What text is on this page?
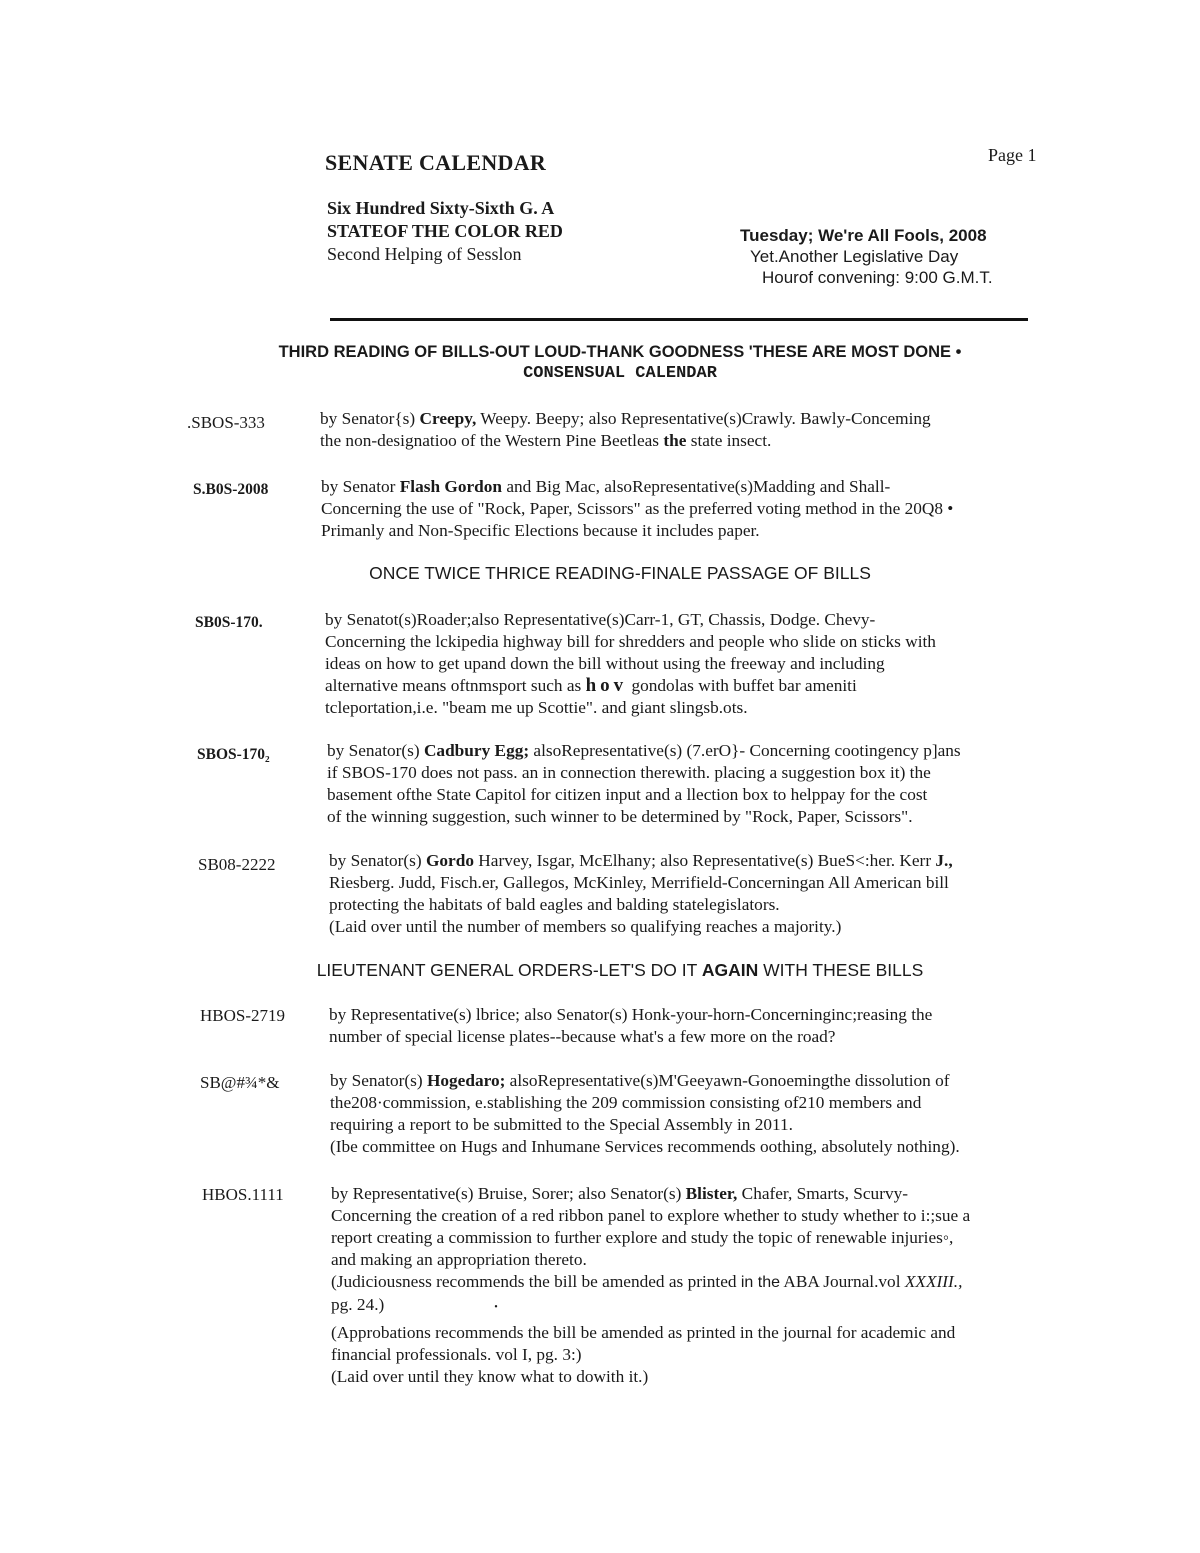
SENATE CALENDAR	Page 1
Six Hundred Sixty-Sixth G. A
STATEOF THE COLOR RED
Second Helping of Sesslon
Tuesday; We're All Fools, 2008
Yet.Another Legislative Day
Hourof convening: 9:00 G.M.T.
THIRD READING OF BILLS-OUT LOUD-THANK GOODNESS 'THESE ARE MOST DONE •
CONSENSUAL CALENDAR
.SBOS-333	by Senator{s) Creepy, Weepy. Beepy; also Representative(s)Crawly. Bawly-Conceming
the non-designatioo of the Western Pine Beetleas the state insect.
S.B0S-2008	by Senator Flash Gordon and Big Mac, alsoRepresentative(s)Madding and Shall-
Concerning the use of "Rock, Paper, Scissors" as the preferred voting method in the 20Q8 •
Primanly and Non-Specific Elections because it includes paper.
ONCE TWICE THRICE READING-FINALE PASSAGE OF BILLS
SB0S-170.	by Senatot(s)Roader;also Representative(s)Carr-1, GT, Chassis, Dodge. Chevy-
Concerning the lckipedia highway bill for shredders and people who slide on sticks with
ideas on how to get upand down the bill without using the freeway and including
alternative means oftnmsport such as hov gondolas with buffet bar ameniti
tcleportation,i.e. "beam me up Scottie". and giant slingsb.ots.
SBOS-170₂	by Senator(s) Cadbury Egg; alsoRepresentative(s) (7.erO}- Concerning cootingency p]ans
if SBOS-170 does not pass. an in connection therewith. placing a suggestion box it) the
basement ofthe State Capitol for citizen input and a llection box to helppay for the cost
of the winning suggestion, such winner to be determined by "Rock, Paper, Scissors".
SB08-2222	by Senator(s) Gordo Harvey, Isgar, McElhany; also Representative(s) BueS<:her. Kerr J.,
Riesberg. Judd, Fisch.er, Gallegos, McKinley, Merrifield-Concerningan All American bill
protecting the habitats of bald eagles and balding statelegislators.
(Laid over until the number of members so qualifying reaches a majority.)
LIEUTENANT GENERAL ORDERS-LET'S DO IT AGAIN WITH THESE BILLS
HBOS-2719	by Representative(s) lbrice; also Senator(s) Honk-your-horn-Concerninginc;reasing the
number of special license plates--because what's a few more on the road?
SB@#¾*&	by Senator(s) Hogedaro; alsoRepresentative(s)M'Geeyawn-Gonoemingthe dissolution of
the208·commission, e.stablishing the 209 commission consisting of210 members and
requiring a report to be submitted to the Special Assembly in 2011.
(Ibe committee on Hugs and Inhumane Services recommends oothing, absolutely nothing).
HBOS.1111	by Representative(s) Bruise, Sorer; also Senator(s) Blister, Chafer, Smarts, Scurvy-
Concerning the creation of a red ribbon panel to explore whether to study whether to i:;sue a
report creating a commission to further explore and study the topic of renewable injuries◦,
and making an appropriation thereto.
(Judiciousness recommends the bill be amended as printed in the ABA Journal.vol XXXIII.,
pg. 24.)	•
(Approbations recommends the bill be amended as printed in the journal for academic and
financial professionals. vol I, pg. 3:)
(Laid over until they know what to dowith it.)
